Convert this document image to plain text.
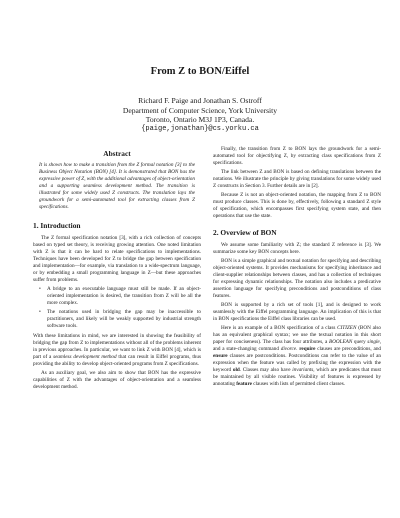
From Z to BON/Eiffel
Richard F. Paige and Jonathan S. Ostroff
Department of Computer Science, York University
Toronto, Ontario M3J 1P3, Canada.
{paige,jonathan}@cs.yorku.ca
Abstract
It is shown how to make a transition from the Z formal notation [3] to the Business Object Notation (BON) [4]. It is demonstrated that BON has the expressive power of Z, with the additional advantages of object-orientation and a supporting seamless development method. The transition is illustrated for some widely used Z constructs. The translation lays the groundwork for a semi-automated tool for extracting classes from Z specifications.
1. Introduction

The Z formal specification notation [3], with a rich collection of concepts based on typed set theory, is receiving growing attention. One noted limitation with Z is that it can be hard to relate specifications to implementations. Techniques have been developed for Z to bridge the gap between specification and implementation—for example, via translation to a wide-spectrum language, or by embedding a small programming language in Z—but these approaches suffer from problems.

• A bridge to an executable language must still be made. If an object-oriented implementation is desired, the transition from Z will be all the more complex.
• The notations used in bridging the gap may be inaccessible to practitioners, and likely will be weakly supported by industrial strength software tools.

With these limitations in mind, we are interested in showing the feasibility of bridging the gap from Z to implementations without all of the problems inherent in previous approaches. In particular, we want to link Z with BON [4], which is part of a seamless development method that can result in Eiffel programs, thus providing the ability to develop object-oriented programs from Z specifications.

As an auxiliary goal, we also aim to show that BON has the expressive capabilities of Z with the advantages of object-orientation and a seamless development method.

Finally, the transition from Z to BON lays the groundwork for a semi-automated tool for objectifying Z, by extracting class specifications from Z specifications.

The link between Z and BON is based on defining translations between the notations. We illustrate the principle by giving translations for some widely used Z constructs in Section 3. Further details are in [2].

Because Z is not an object-oriented notation, the mapping from Z to BON must produce classes. This is done by, effectively, following a standard Z style of specification, which encompasses first specifying system state, and then operations that use the state.

2. Overview of BON

We assume some familiarity with Z; the standard Z reference is [3]. We summarize some key BON concepts here.

BON is a simple graphical and textual notation for specifying and describing object-oriented systems. It provides mechanisms for specifying inheritance and client-supplier relationships between classes, and has a collection of techniques for expressing dynamic relationships. The notation also includes a predicative assertion language for specifying preconditions and postconditions of class features.

BON is supported by a rich set of tools [1], and is designed to work seamlessly with the Eiffel programming language. An implication of this is that in BON specifications the Eiffel class libraries can be used.

Here is an example of a BON specification of a class CITIZEN (BON also has an equivalent graphical syntax; we use the textual notation in this short paper for conciseness). The class has four attributes, a BOOLEAN query single, and a state-changing command divorce. require clauses are preconditions, and ensure clauses are postconditions. Postconditions can refer to the value of an expression when the feature was called by prefixing the expression with the keyword old. Classes may also have invariants, which are predicates that must be maintained by all visible routines. Visibility of features is expressed by annotating feature clauses with lists of permitted client classes.
